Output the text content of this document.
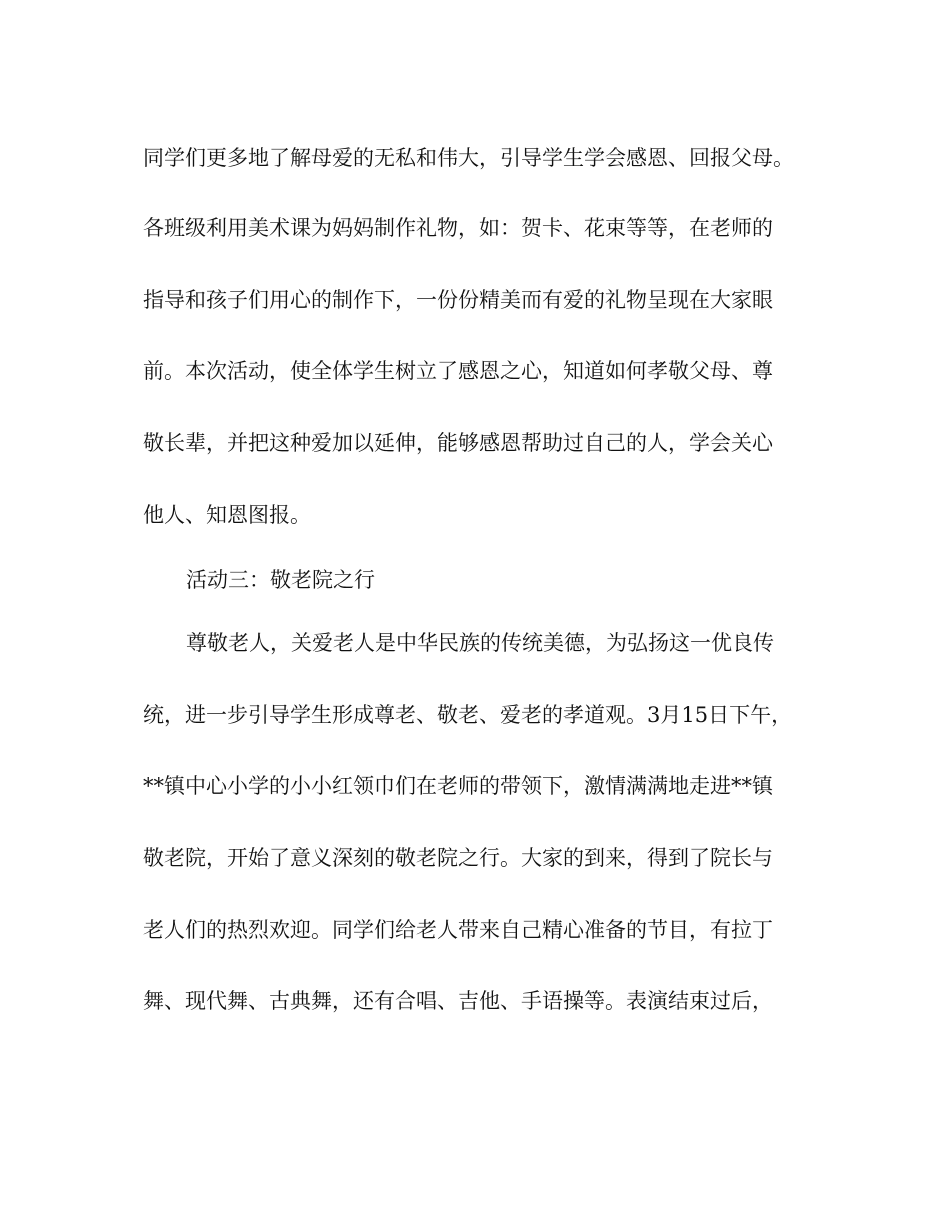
同学们更多地了解母爱的无私和伟大，引导学生学会感恩、回报父母。
各班级利用美术课为妈妈制作礼物，如：贺卡、花束等等，在老师的
指导和孩子们用心的制作下，一份份精美而有爱的礼物呈现在大家眼
前。本次活动，使全体学生树立了感恩之心，知道如何孝敬父母、尊
敬长辈，并把这种爱加以延伸，能够感恩帮助过自己的人，学会关心
他人、知恩图报。
活动三：敬老院之行
尊敬老人，关爱老人是中华民族的传统美德，为弘扬这一优良传
统，进一步引导学生形成尊老、敬老、爱老的孝道观。3月15日下午，
**镇中心小学的小小红领巾们在老师的带领下，激情满满地走进**镇
敬老院，开始了意义深刻的敬老院之行。大家的到来，得到了院长与
老人们的热烈欢迎。同学们给老人带来自己精心准备的节目，有拉丁
舞、现代舞、古典舞，还有合唱、吉他、手语操等。表演结束过后，
